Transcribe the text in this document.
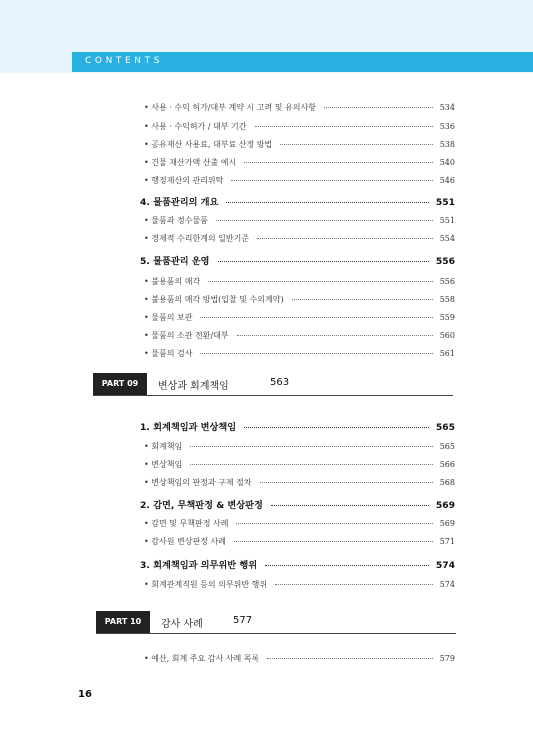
CONTENTS
• 사용 · 수익 허가/대부 계약 시 고려 및 유의사항	534
• 사용 · 수익허가 / 대부 기간	536
• 공유재산 사용료, 대부료 산정 방법	538
• 건물 재산가액 산출 예시	540
• 행정재산의 관리위탁	546
4. 물품관리의 개요	551
• 물품과 정수물품	551
• 경제적 수리한계의 일반기준	554
5. 물품관리 운영	556
• 불용품의 매각	556
• 불용품의 매각 방법(입찰 및 수의계약)	558
• 물품의 보관	559
• 물품의 소관 전환/대부	560
• 물품의 검사	561
PART 09	변상과 회계책임	563
1. 회계책임과 변상책임	565
• 회계책임	565
• 변상책임	566
• 변상책임의 판정과 구제 절차	568
2. 감면, 무책판정 & 변상판정	569
• 감면 및 무책판정 사례	569
• 감사원 변상판정 사례	571
3. 회계책임과 의무위반 행위	574
• 회계관계직원 등의 의무위반 행위	574
PART 10	감사 사례	577
• 예산, 회계 주요 감사 사례 목록	579
16
